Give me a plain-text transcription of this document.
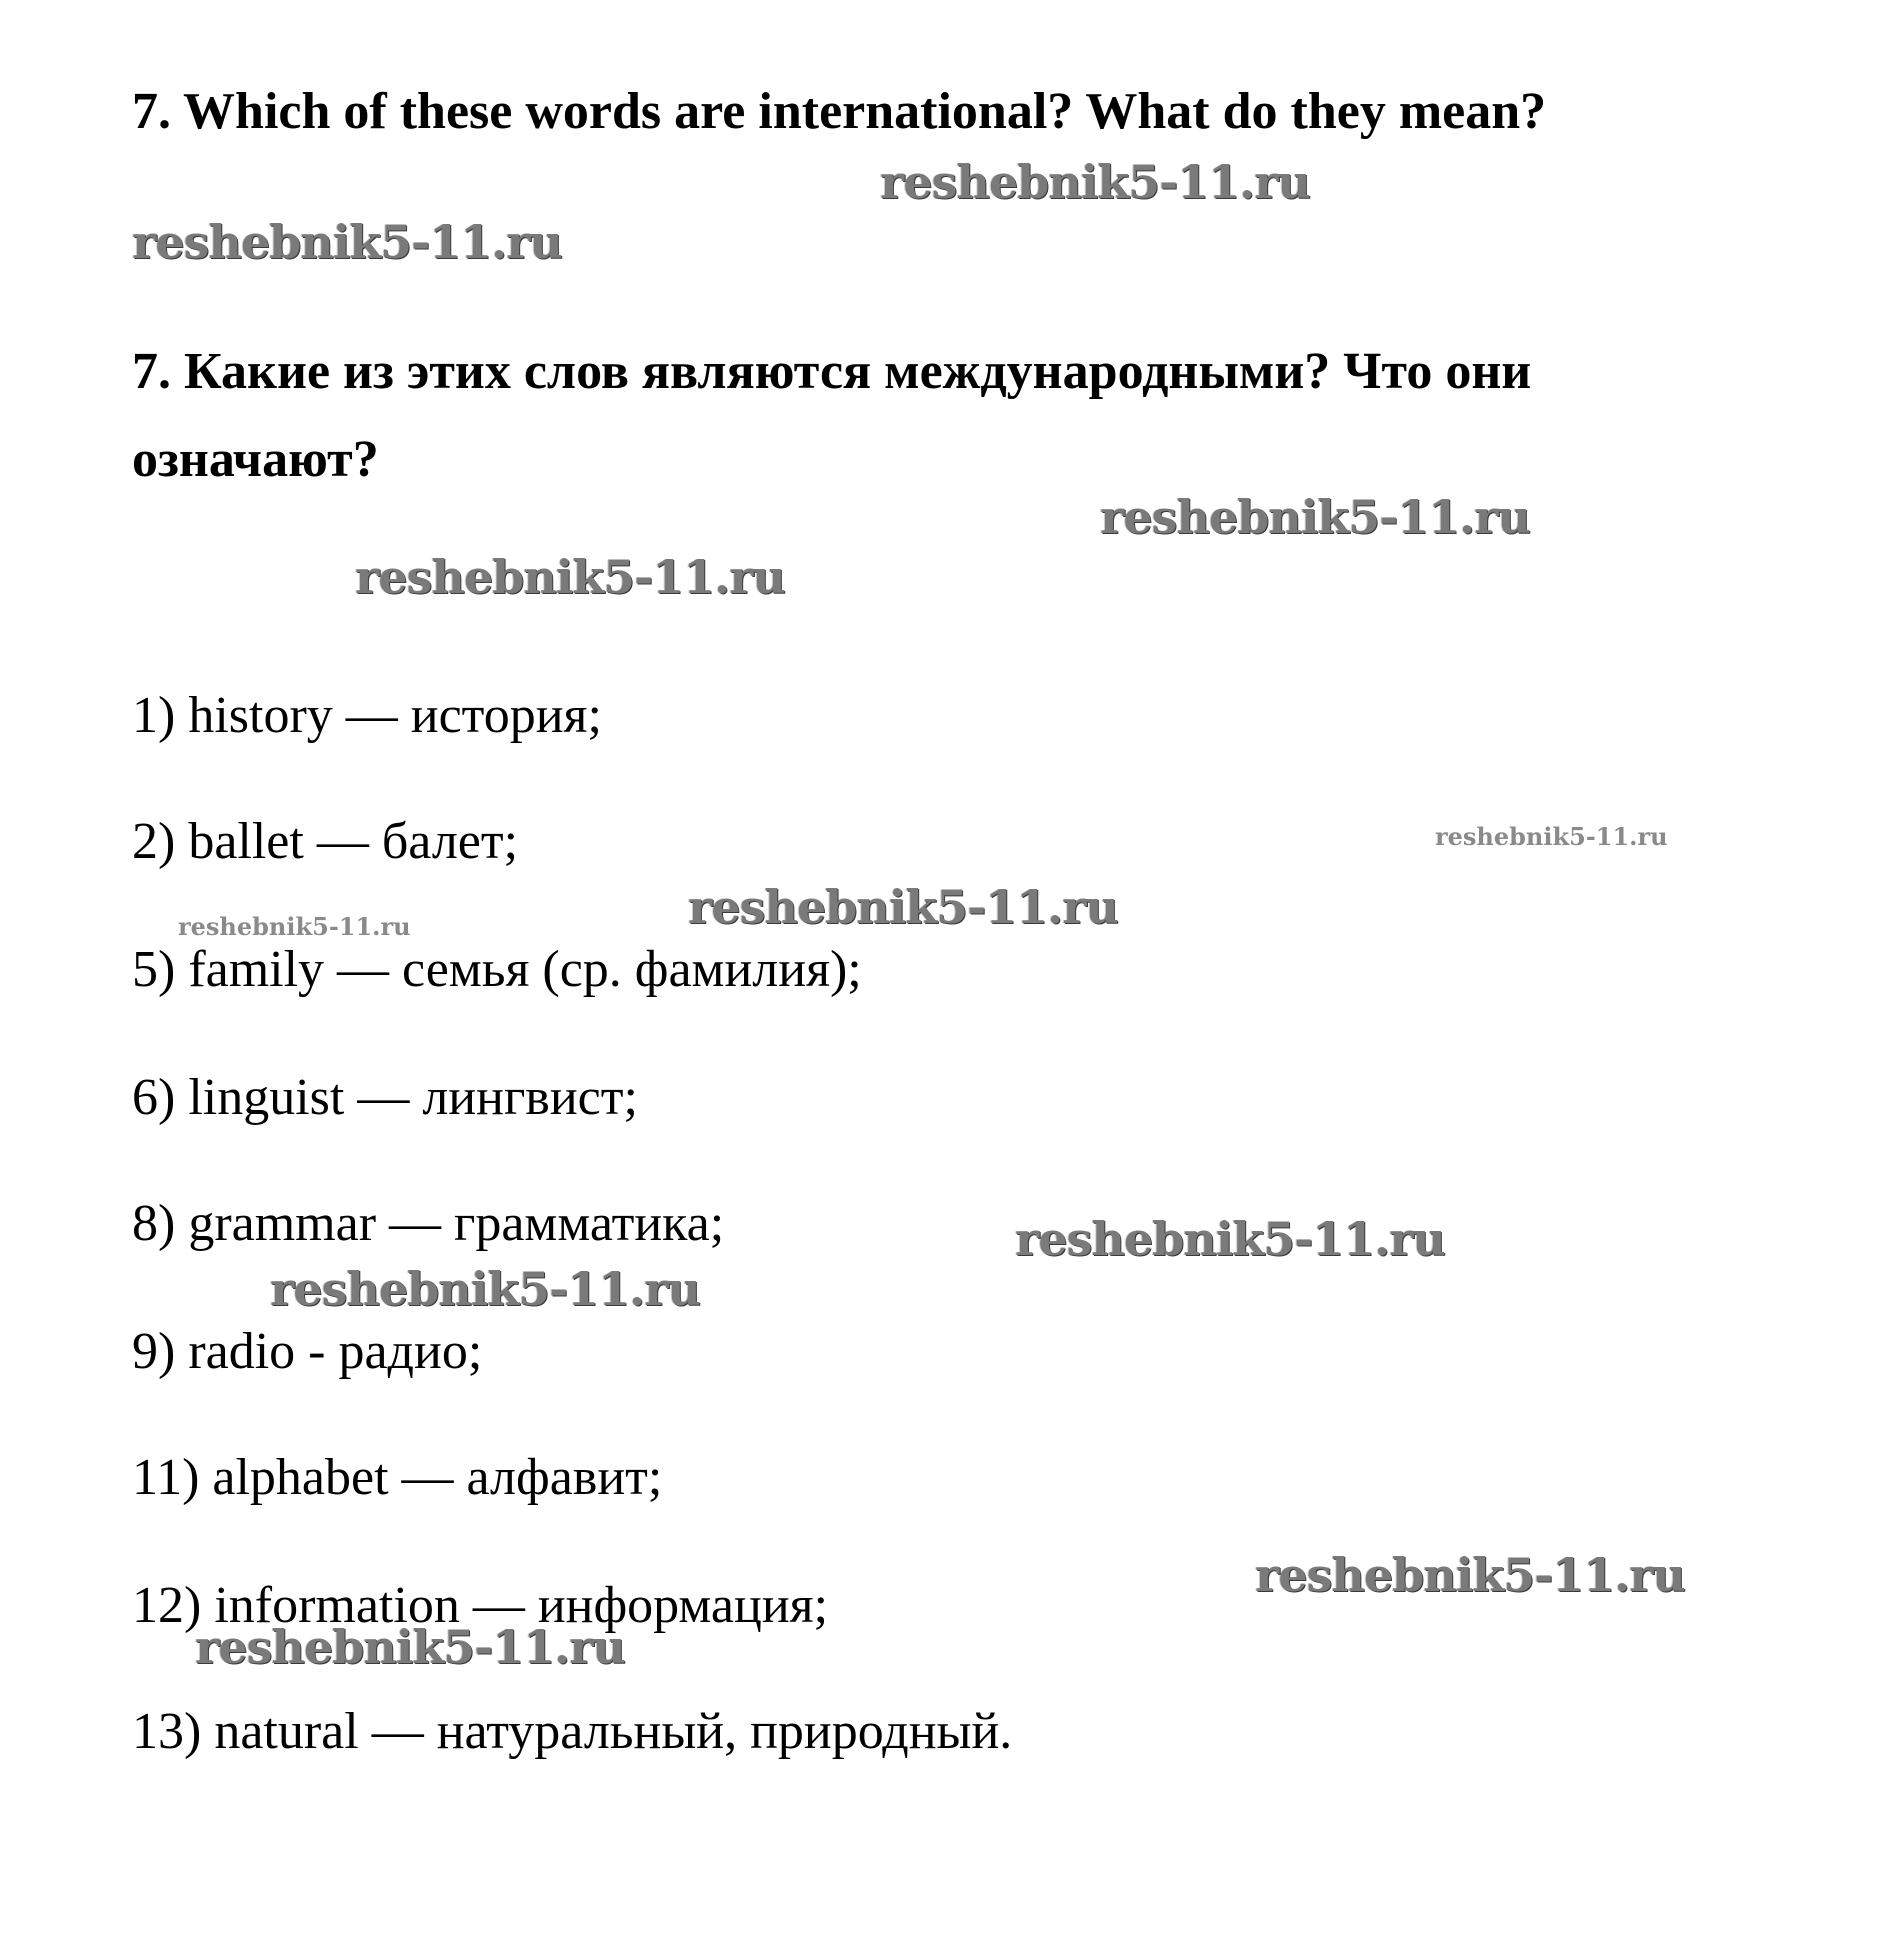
7. Which of these words are international? What do they mean?
7. Какие из этих слов являются международными? Что они означают?
1) history — история;
2) ballet — балет;
5) family — семья (ср. фамилия);
6) linguist — лингвист;
8) grammar — грамматика;
9) radio - радио;
11) alphabet — алфавит;
12) information — информация;
13) natural — натуральный, природный.
reshebnik5-11.ru
reshebnik5-11.ru
reshebnik5-11.ru
reshebnik5-11.ru
reshebnik5-11.ru
reshebnik5-11.ru	reshebnik5-11.ru
reshebnik5-11.ru
reshebnik5-11.ru
reshebnik5-11.ru
reshebnik5-11.ru
